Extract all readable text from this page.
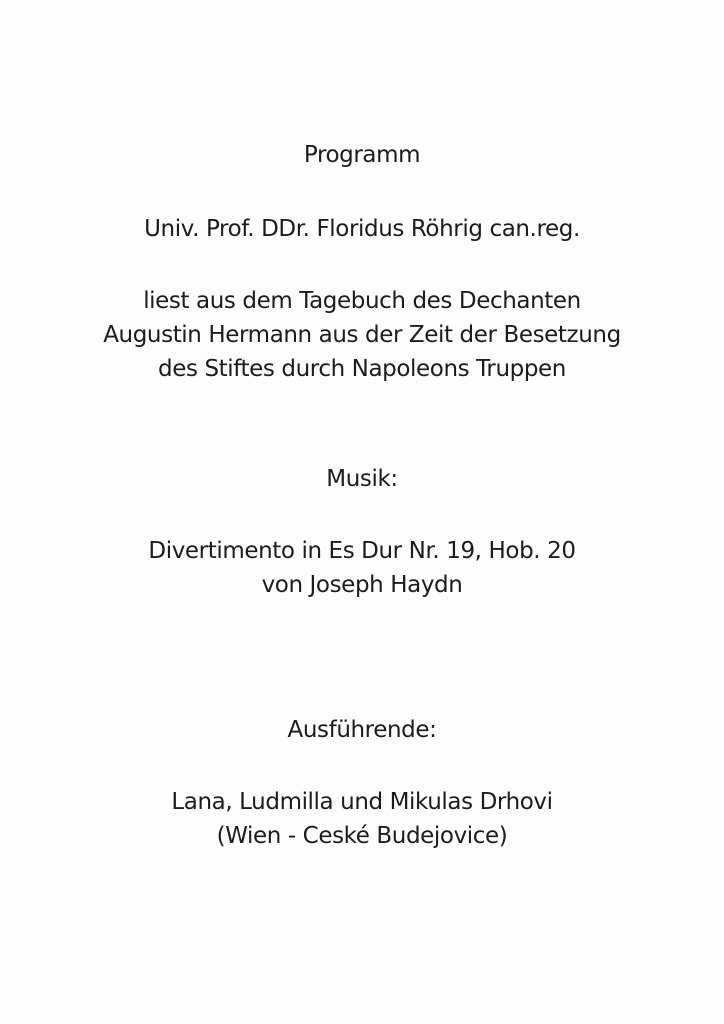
Programm
Univ. Prof. DDr. Floridus Röhrig can.reg.
liest aus dem Tagebuch des Dechanten
Augustin Hermann aus der Zeit der Besetzung
des Stiftes durch Napoleons Truppen
Musik:
Divertimento in Es Dur Nr. 19, Hob. 20
von Joseph Haydn
Ausführende:
Lana, Ludmilla und Mikulas Drhovi
(Wien - Ceské Budejovice)
